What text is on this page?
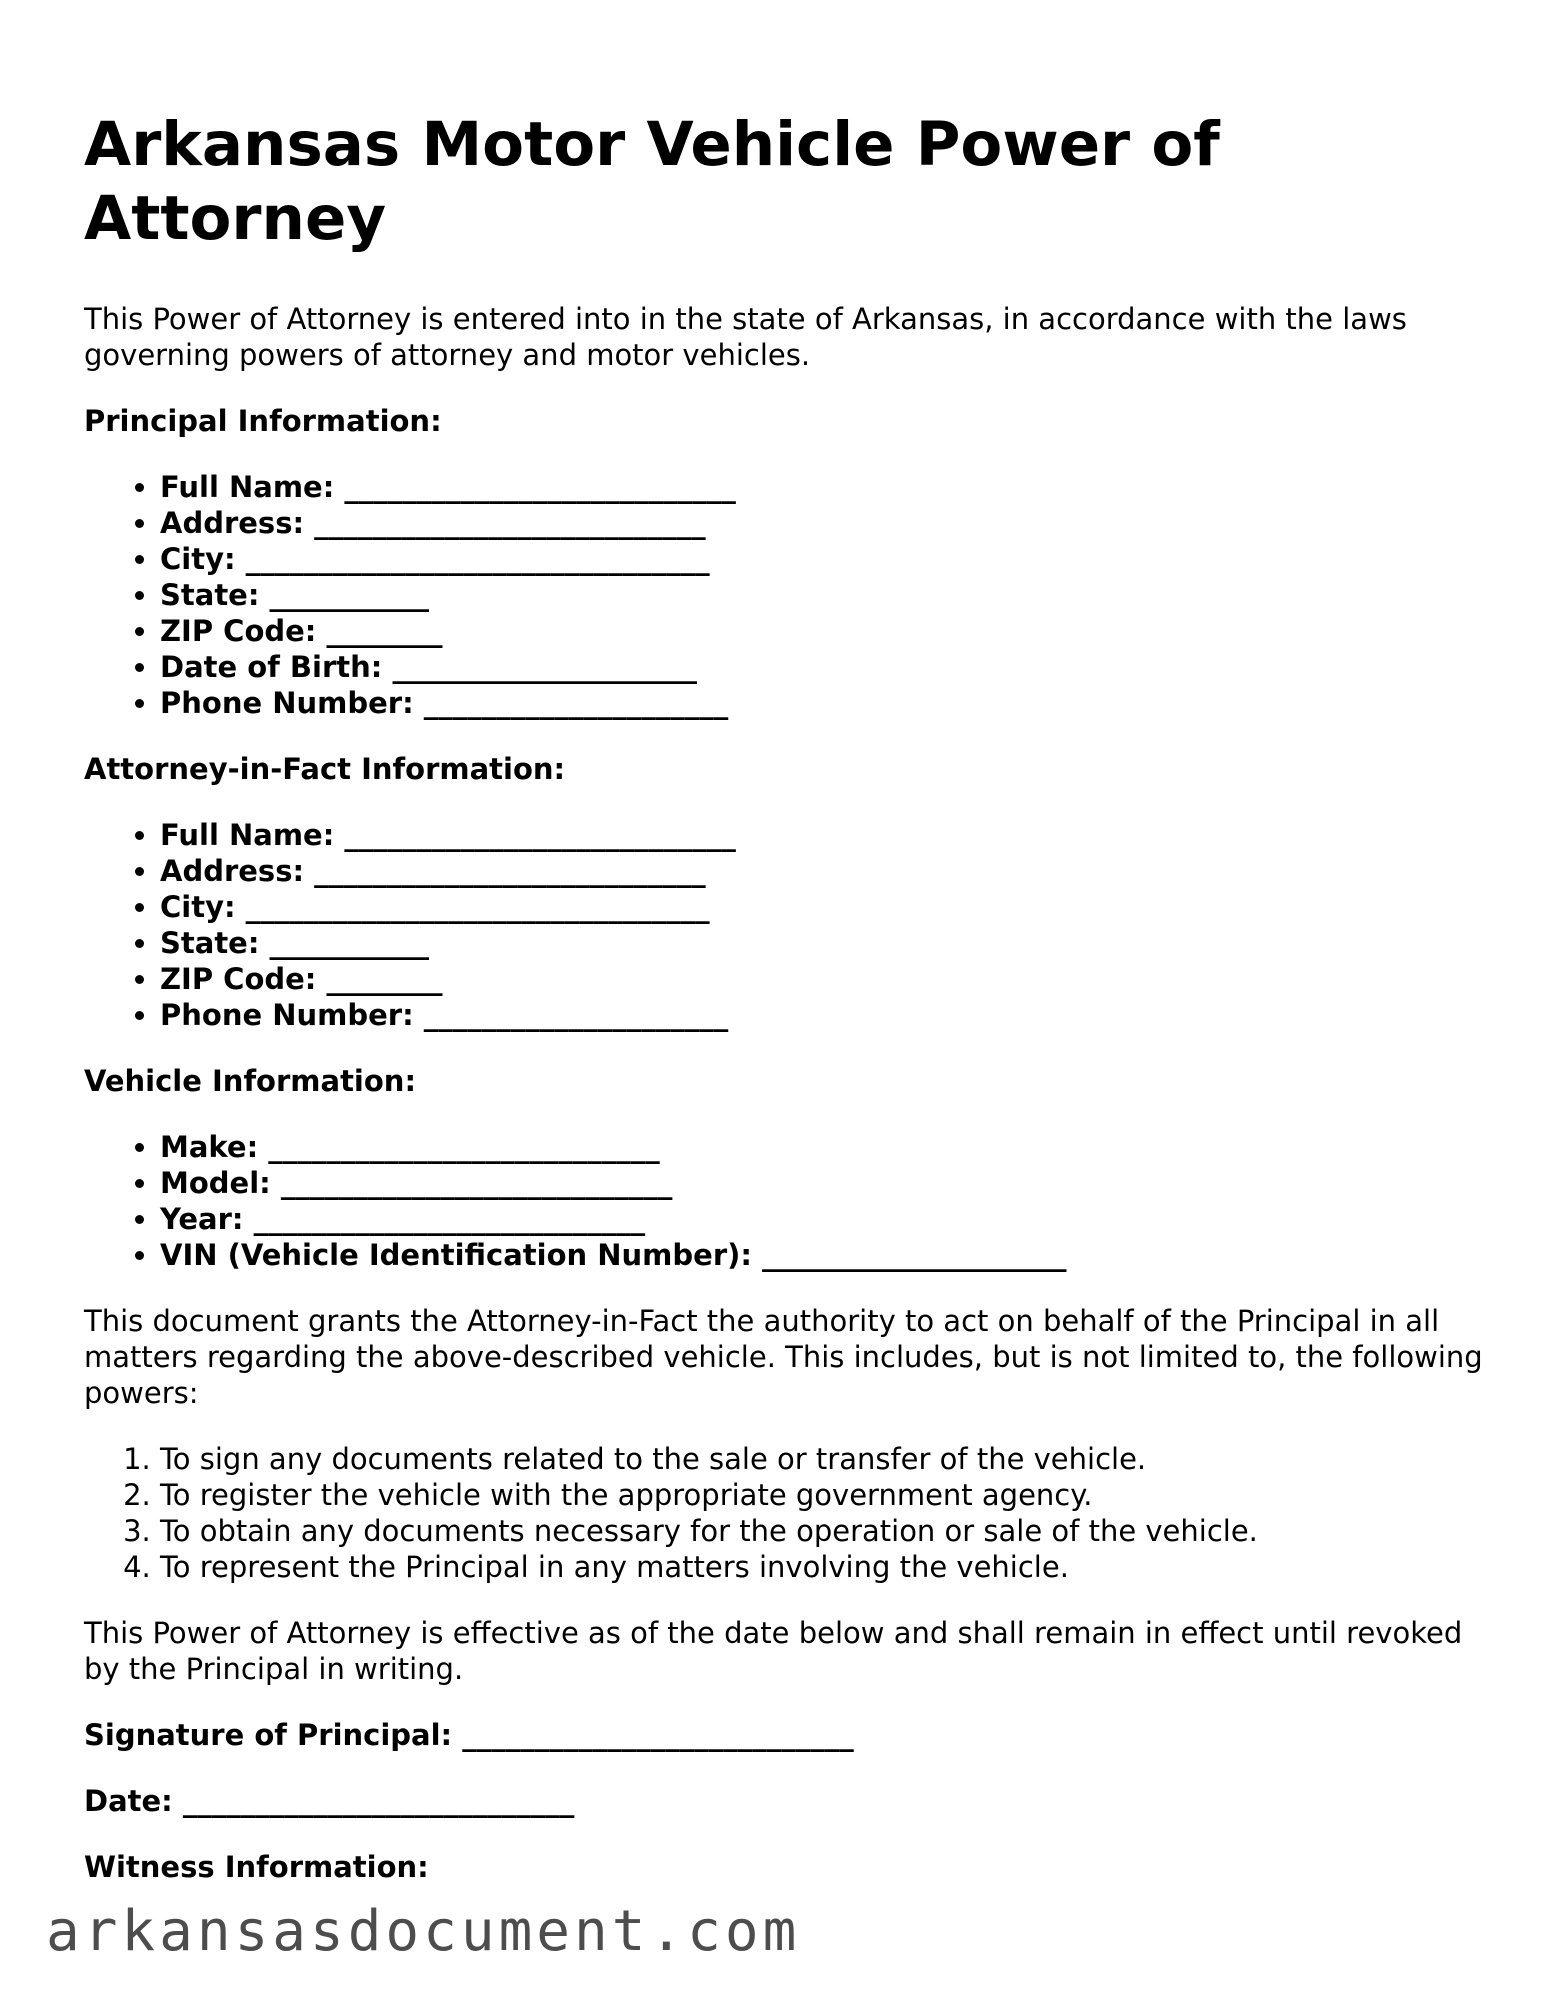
Arkansas Motor Vehicle Power of Attorney

This Power of Attorney is entered into in the state of Arkansas, in accordance with the laws governing powers of attorney and motor vehicles.

Principal Information:

• Full Name: ___________________________
• Address: ___________________________
• City: ________________________________
• State: ___________
• ZIP Code: ________
• Date of Birth: _____________________
• Phone Number: _____________________

Attorney-in-Fact Information:

• Full Name: ___________________________
• Address: ___________________________
• City: ________________________________
• State: ___________
• ZIP Code: ________
• Phone Number: _____________________

Vehicle Information:

• Make: ___________________________
• Model: ___________________________
• Year: ___________________________
• VIN (Vehicle Identification Number): _____________________

This document grants the Attorney-in-Fact the authority to act on behalf of the Principal in all matters regarding the above-described vehicle. This includes, but is not limited to, the following powers:

1. To sign any documents related to the sale or transfer of the vehicle.
2. To register the vehicle with the appropriate government agency.
3. To obtain any documents necessary for the operation or sale of the vehicle.
4. To represent the Principal in any matters involving the vehicle.

This Power of Attorney is effective as of the date below and shall remain in effect until revoked by the Principal in writing.

Signature of Principal: ___________________________

Date: ___________________________

Witness Information:

arkansasdocument.com
